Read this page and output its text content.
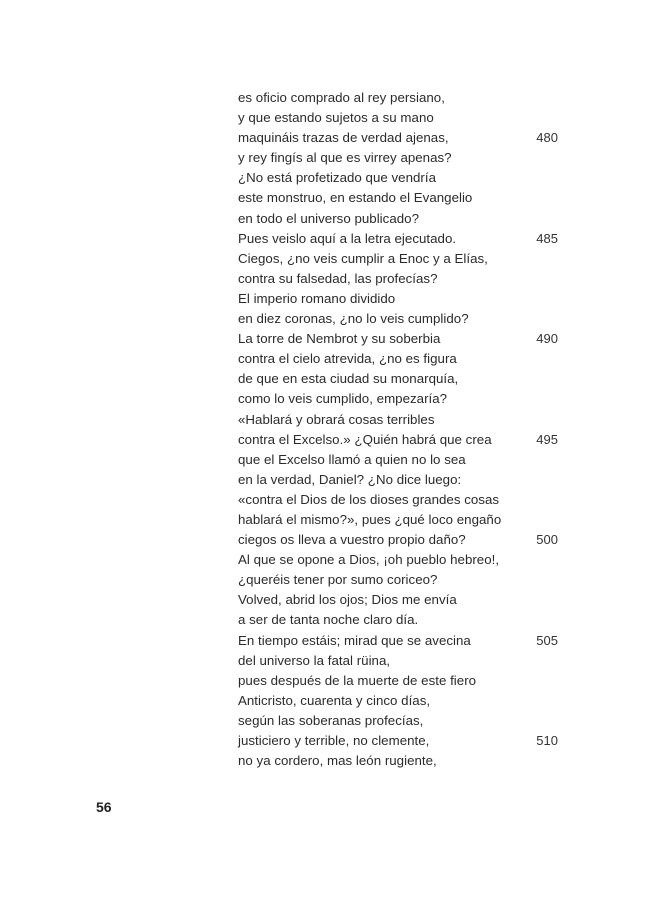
es oficio comprado al rey persiano,
y que estando sujetos a su mano
maquináis trazas de verdad ajenas,	480
y rey fingís al que es virrey apenas?
¿No está profetizado que vendría
este monstruo, en estando el Evangelio
en todo el universo publicado?
Pues veislo aquí a la letra ejecutado.	485
Ciegos, ¿no veis cumplir a Enoc y a Elías,
contra su falsedad, las profecías?
El imperio romano dividido
en diez coronas, ¿no lo veis cumplido?
La torre de Nembrot y su soberbia	490
contra el cielo atrevida, ¿no es figura
de que en esta ciudad su monarquía,
como lo veis cumplido, empezaría?
«Hablará y obrará cosas terribles
contra el Excelso.» ¿Quién habrá que crea	495
que el Excelso llamó a quien no lo sea
en la verdad, Daniel? ¿No dice luego:
«contra el Dios de los dioses grandes cosas
hablará el mismo?», pues ¿qué loco engaño
ciegos os lleva a vuestro propio daño?	500
Al que se opone a Dios, ¡oh pueblo hebreo!,
¿queréis tener por sumo coriceo?
Volved, abrid los ojos; Dios me envía
a ser de tanta noche claro día.
En tiempo estáis; mirad que se avecina	505
del universo la fatal rüina,
pues después de la muerte de este fiero
Anticristo, cuarenta y cinco días,
según las soberanas profecías,
justiciero y terrible, no clemente,	510
no ya cordero, mas león rugiente,
56
